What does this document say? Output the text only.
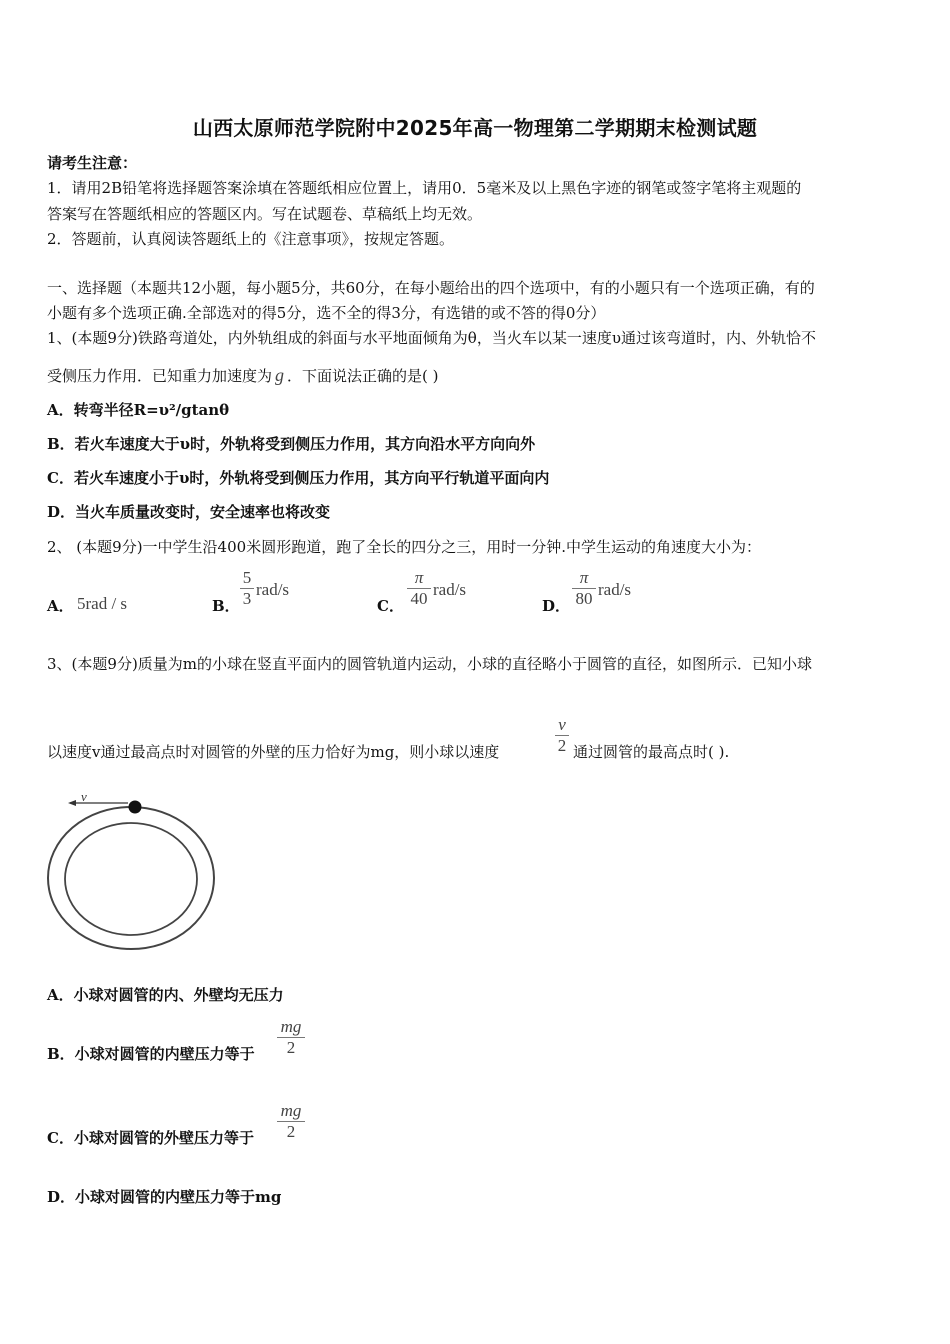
山西太原师范学院附中2025年高一物理第二学期期末检测试题
请考生注意：
1．请用2B铅笔将选择题答案涂填在答题纸相应位置上，请用0．5毫米及以上黑色字迹的钢笔或签字笔将主观题的
答案写在答题纸相应的答题区内。写在试题卷、草稿纸上均无效。
2．答题前，认真阅读答题纸上的《注意事项》，按规定答题。
一、选择题（本题共12小题，每小题5分，共60分，在每小题给出的四个选项中，有的小题只有一个选项正确，有的
小题有多个选项正确.全部选对的得5分，选不全的得3分，有选错的或不答的得0分）
1、(本题9分)铁路弯道处，内外轨组成的斜面与水平地面倾角为θ，当火车以某一速度υ通过该弯道时，内、外轨恰不
受侧压力作用．已知重力加速度为 g ．下面说法正确的是( )
A．转弯半径R=υ²/gtanθ
B．若火车速度大于υ时，外轨将受到侧压力作用，其方向沿水平方向向外
C．若火车速度小于υ时，外轨将受到侧压力作用，其方向平行轨道平面向内
D．当火车质量改变时，安全速率也将改变
2、 (本题9分)一中学生沿400米圆形跑道，跑了全长的四分之三，用时一分钟.中学生运动的角速度大小为：
A． 5rad / s	B．
5
3 rad/s
C．
π
40 rad/s
D．
π
80 rad/s
3、(本题9分)质量为m的小球在竖直平面内的圆管轨道内运动，小球的直径略小于圆管的直径，如图所示．已知小球
以速度v通过最高点时对圆管的外壁的压力恰好为mg，则小球以速度
v
2 通过圆管的最高点时( ).
v
A．小球对圆管的内、外壁均无压力
B．小球对圆管的内壁压力等于
mg
2
C．小球对圆管的外壁压力等于
mg
2
D．小球对圆管的内壁压力等于mg
